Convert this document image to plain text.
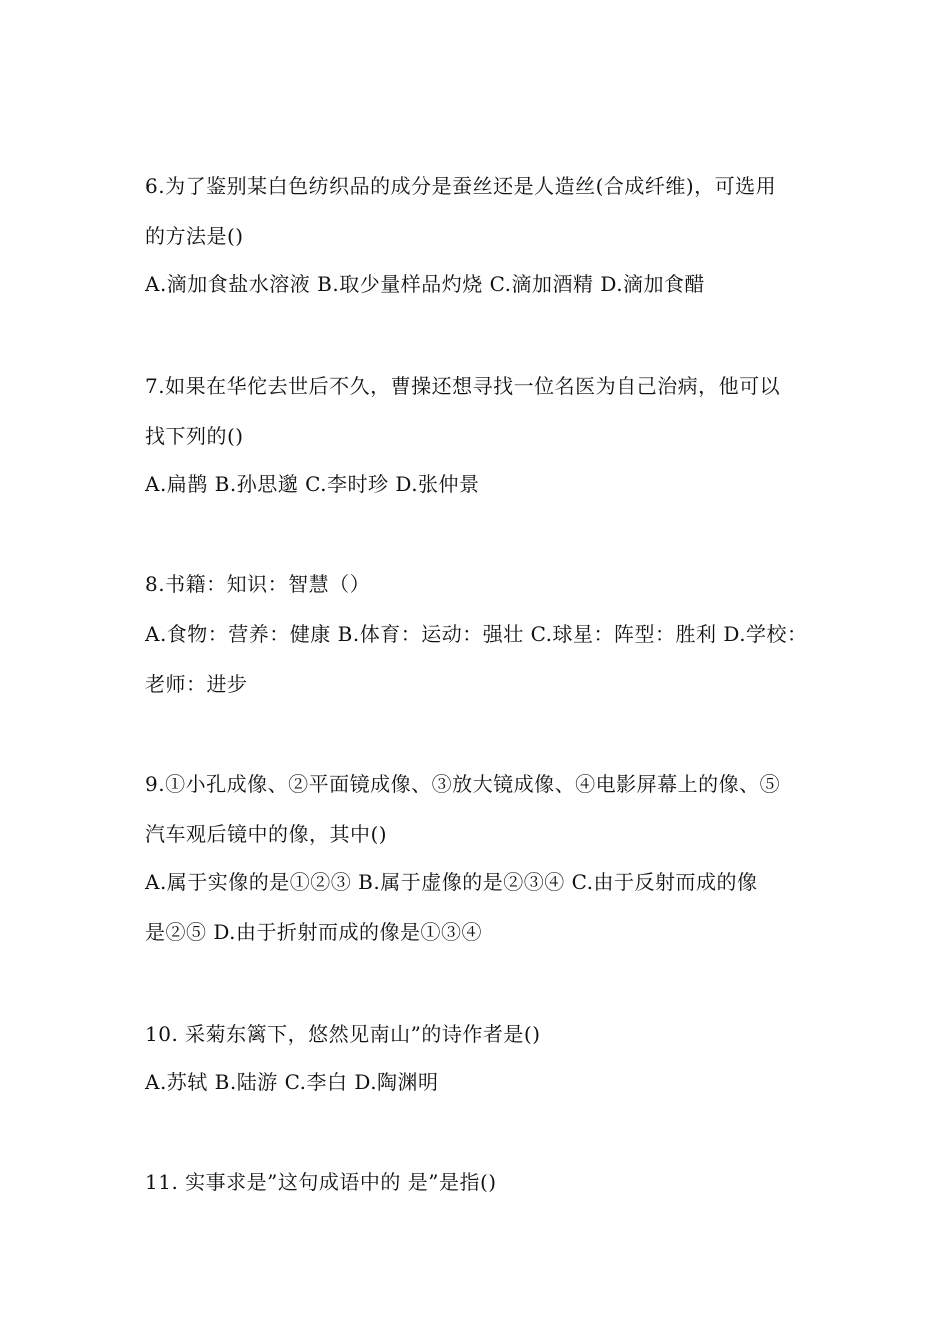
6.为了鉴别某白色纺织品的成分是蚕丝还是人造丝(合成纤维)，可选用
的方法是()
A.滴加食盐水溶液 B.取少量样品灼烧 C.滴加酒精 D.滴加食醋
7.如果在华佗去世后不久，曹操还想寻找一位名医为自己治病，他可以
找下列的()
A.扁鹊 B.孙思邈 C.李时珍 D.张仲景
8.书籍：知识：智慧（）
A.食物：营养：健康 B.体育：运动：强壮 C.球星：阵型：胜利 D.学校：
老师：进步
9.①小孔成像、②平面镜成像、③放大镜成像、④电影屏幕上的像、⑤
汽车观后镜中的像，其中()
A.属于实像的是①②③ B.属于虚像的是②③④ C.由于反射而成的像
是②⑤ D.由于折射而成的像是①③④
10. 采菊东篱下，悠然见南山”的诗作者是()
A.苏轼 B.陆游 C.李白 D.陶渊明
11. 实事求是”这句成语中的 是”是指()
